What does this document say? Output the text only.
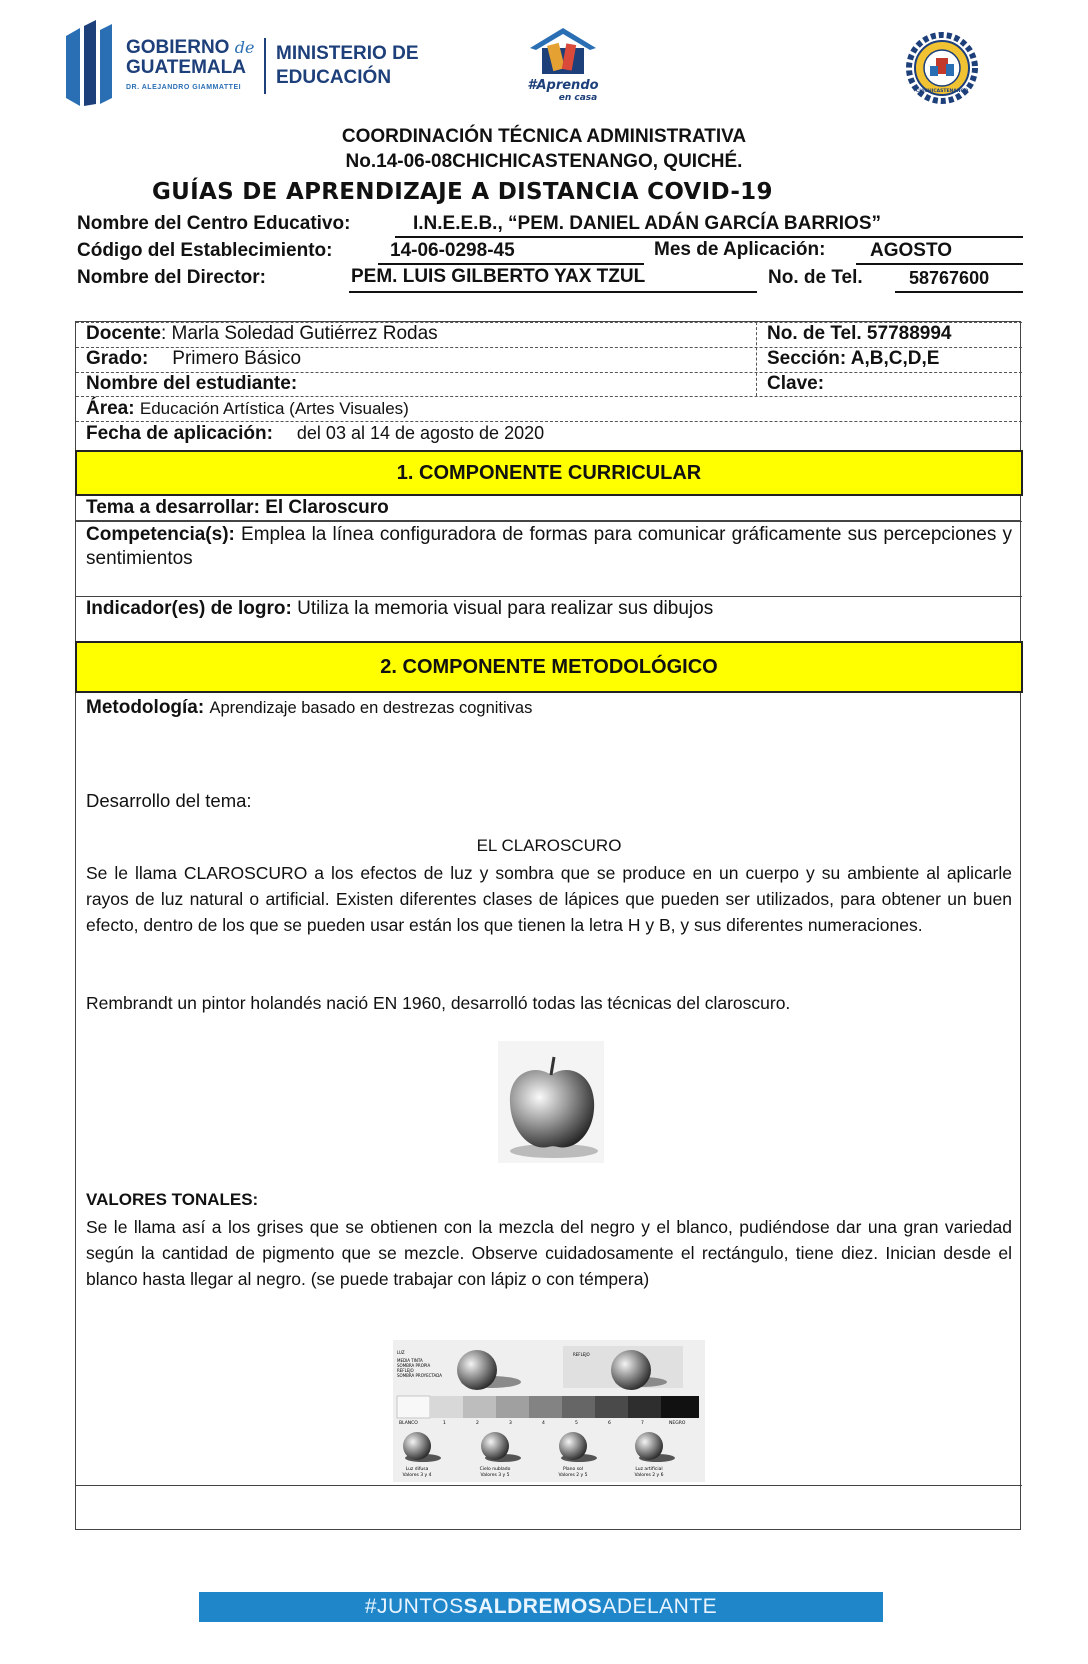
GOBIERNO de
GUATEMALA
DR. ALEJANDRO GIAMMATTEI
MINISTERIO DE
EDUCACIÓN	#Aprendo
en casa
CHICHICASTENANGO
COORDINACIÓN TÉCNICA ADMINISTRATIVA
No.14-06-08CHICHICASTENANGO, QUICHÉ.
GUÍAS DE APRENDIZAJE A DISTANCIA COVID-19
Nombre del Centro Educativo:	I.N.E.E.B., “PEM. DANIEL ADÁN GARCÍA BARRIOS”
Código del Establecimiento:	14-06-0298-45	Mes de Aplicación: AGOSTO
Nombre del Director:	PEM. LUIS GILBERTO YAX TZUL	No. de Tel.	58767600
Docente: Marla Soledad Gutiérrez Rodas	No. de Tel. 57788994
Grado: Primero Básico	Sección: A,B,C,D,E
Nombre del estudiante:	Clave:
Área: Educación Artística (Artes Visuales)
Fecha de aplicación: del 03 al 14 de agosto de 2020
1. COMPONENTE CURRICULAR
Tema a desarrollar: El Claroscuro
Competencia(s): Emplea la línea configuradora de formas para comunicar gráficamente sus percepciones y sentimientos
Indicador(es) de logro: Utiliza la memoria visual para realizar sus dibujos
2. COMPONENTE METODOLÓGICO
Metodología: Aprendizaje basado en destrezas cognitivas
Desarrollo del tema:
EL CLAROSCURO
Se le llama CLAROSCURO a los efectos de luz y sombra que se produce en un cuerpo y su ambiente al aplicarle rayos de luz natural o artificial. Existen diferentes clases de lápices que pueden ser utilizados, para obtener un buen efecto, dentro de los que se pueden usar están los que tienen la letra H y B, y sus diferentes numeraciones.
Rembrandt un pintor holandés nació EN 1960, desarrolló todas las técnicas del claroscuro.
VALORES TONALES:
Se le llama así a los grises que se obtienen con la mezcla del negro y el blanco, pudiéndose dar una gran variedad según la cantidad de pigmento que se mezcle. Observe cuidadosamente el rectángulo, tiene diez. Inician desde el blanco hasta llegar al negro. (se puede trabajar con lápiz o con témpera)
LUZ
MEDIA TINTA
SOMBRA PROPIA
REFLEJO
SOMBRA PROYECTADA
REFLEJO
BLANCO	1	2	3	4	5	6	7	NEGRO
Luz difusa
Valores 3 y 4
Cielo nublado
Valores 3 y 5
Plano sol
Valores 2 y 5
Luz artificial
Valores 2 y 6
#JUNTOSSALDREMOSADELANTE
